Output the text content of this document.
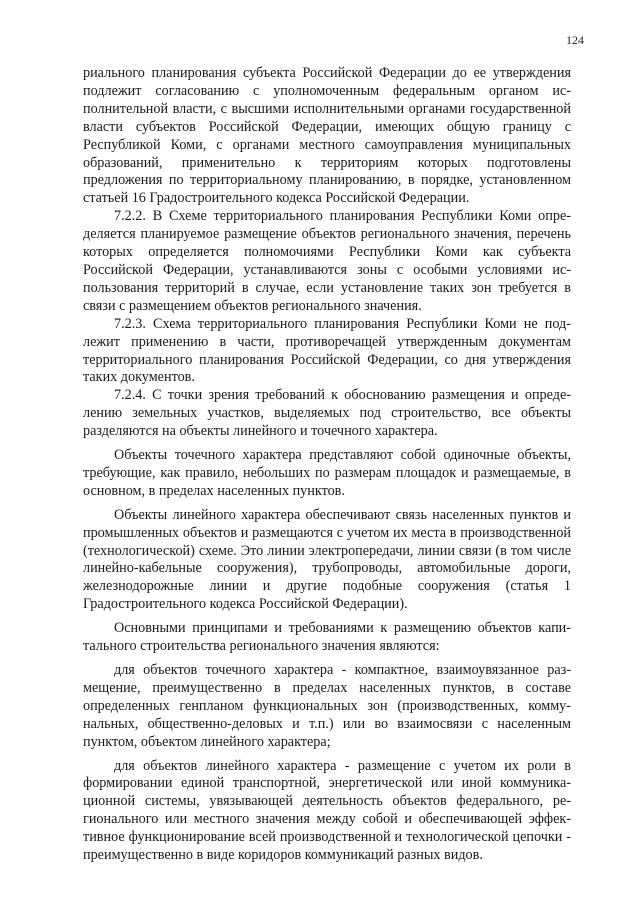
124

риального планирования субъекта Российской Федерации до ее утверждения подлежит согласованию с уполномоченным федеральным органом исполнительной власти, с высшими исполнительными органами государственной власти субъектов Российской Федерации, имеющих общую границу с Республикой Коми, с органами местного самоуправления муниципальных образований, применительно к территориям которых подготовлены предложения по территориальному планированию, в порядке, установленном статьей 16 Градостроительного кодекса Российской Федерации.

7.2.2. В Схеме территориального планирования Республики Коми определяется планируемое размещение объектов регионального значения, перечень которых определяется полномочиями Республики Коми как субъекта Российской Федерации, устанавливаются зоны с особыми условиями использования территорий в случае, если установление таких зон требуется в связи с размещением объектов регионального значения.

7.2.3. Схема территориального планирования Республики Коми не подлежит применению в части, противоречащей утвержденным документам территориального планирования Российской Федерации, со дня утверждения таких документов.

7.2.4. С точки зрения требований к обоснованию размещения и определению земельных участков, выделяемых под строительство, все объекты разделяются на объекты линейного и точечного характера.

Объекты точечного характера представляют собой одиночные объекты, требующие, как правило, небольших по размерам площадок и размещаемые, в основном, в пределах населенных пунктов.

Объекты линейного характера обеспечивают связь населенных пунктов и промышленных объектов и размещаются с учетом их места в производственной (технологической) схеме. Это линии электропередачи, линии связи (в том числе линейно-кабельные сооружения), трубопроводы, автомобильные дороги, железнодорожные линии и другие подобные сооружения (статья 1 Градостроительного кодекса Российской Федерации).

Основными принципами и требованиями к размещению объектов капитального строительства регионального значения являются:

для объектов точечного характера - компактное, взаимоувязанное размещение, преимущественно в пределах населенных пунктов, в составе определенных генпланом функциональных зон (производственных, коммунальных, общественно-деловых и т.п.) или во взаимосвязи с населенным пунктом, объектом линейного характера;

для объектов линейного характера - размещение с учетом их роли в формировании единой транспортной, энергетической или иной коммуникационной системы, увязывающей деятельность объектов федерального, регионального или местного значения между собой и обеспечивающей эффективное функционирование всей производственной и технологической цепочки - преимущественно в виде коридоров коммуникаций разных видов.
